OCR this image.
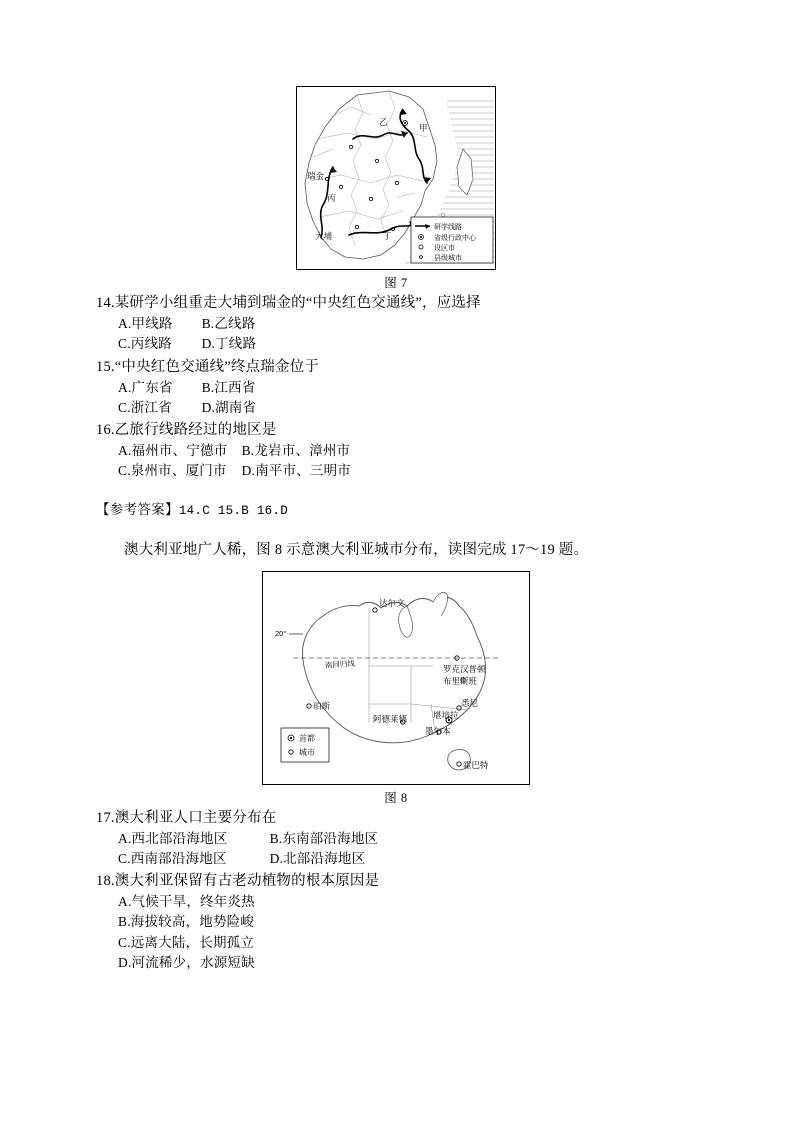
甲
乙
丙
丁
瑞金
大埔
研学线路
省级行政中心
设区市
县级城市
图 7
14.某研学小组重走大埔到瑞金的“中央红色交通线”，应选择
A.甲线路 B.乙线路
C.丙线路 D.丁线路
15.“中央红色交通线”终点瑞金位于
A.广东省 B.江西省
C.浙江省 D.湖南省
16.乙旅行线路经过的地区是
A.福州市、宁德市 B.龙岩市、漳州市
C.泉州市、厦门市 D.南平市、三明市
【参考答案】14.C 15.B 16.D
澳大利亚地广人稀，图 8 示意澳大利亚城市分布，读图完成 17～19 题。
南回归线
20°
达尔文
罗克汉普顿
布里斯班
悉尼
堪培拉
墨尔本
阿德莱德
珀斯
霍巴特
首都
城市
图 8
17.澳大利亚人口主要分布在
A.西北部沿海地区	B.东南部沿海地区
C.西南部沿海地区	D.北部沿海地区
18.澳大利亚保留有古老动植物的根本原因是
A.气候干旱，终年炎热
B.海拔较高，地势险峻
C.远离大陆，长期孤立
D.河流稀少，水源短缺
